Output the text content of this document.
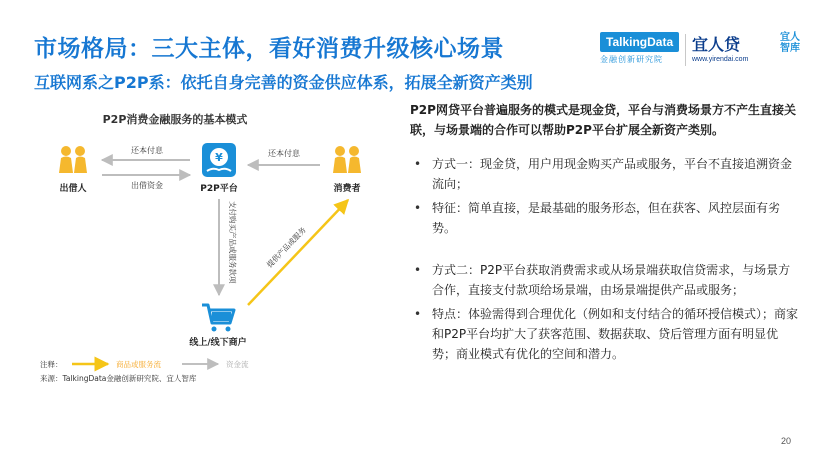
市场格局：三大主体，看好消费升级核心场景
互联网系之P2P系：依托自身完善的资金供应体系，拓展全新资产类别
TalkingData
金融创新研究院
宜人贷
www.yirendai.com
宜人智库
P2P消费金融服务的基本模式
出借人
¥
P2P平台	消费者
线上/线下商户
还本付息
出借资金
还本付息
支付购买产品或服务款项	提供产品或服务
注释：	商品或服务流	资金流
来源：TalkingData金融创新研究院、宜人智库

P2P网贷平台普遍服务的模式是现金贷，平台与消费场景方不产生直接关联，与场景端的合作可以帮助P2P平台扩展全新资产类别。

• 方式一：现金贷，用户用现金购买产品或服务，平台不直接追溯资金流向；
• 特征：简单直接，是最基础的服务形态，但在获客、风控层面有劣势。
• 方式二：P2P平台获取消费需求或从场景端获取信贷需求，与场景方合作，直接支付款项给场景端，由场景端提供产品或服务；
• 特点：体验需得到合理优化（例如和支付结合的循环授信模式）；商家和P2P平台均扩大了获客范围、数据获取、贷后管理方面有明显优势；商业模式有优化的空间和潜力。
20
